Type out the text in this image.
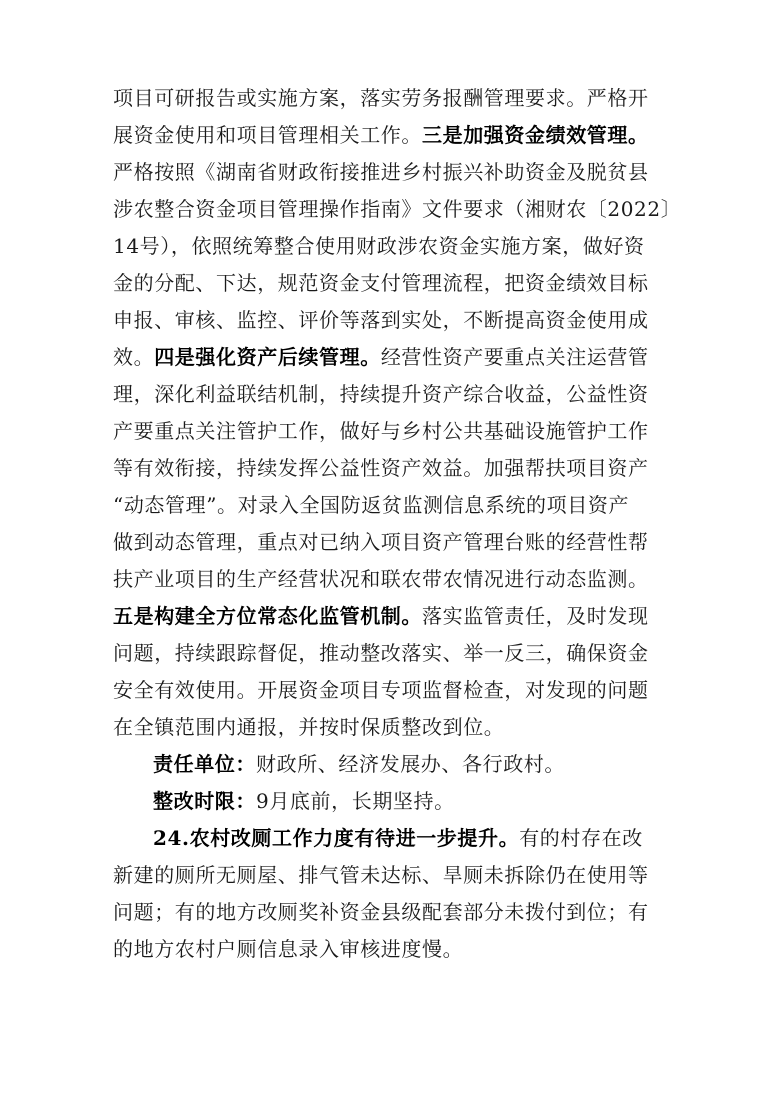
项目可研报告或实施方案，落实劳务报酬管理要求。严格开
展资金使用和项目管理相关工作。三是加强资金绩效管理。
严格按照《湖南省财政衔接推进乡村振兴补助资金及脱贫县
涉农整合资金项目管理操作指南》文件要求（湘财农〔2022〕
14号），依照统筹整合使用财政涉农资金实施方案，做好资
金的分配、下达，规范资金支付管理流程，把资金绩效目标
申报、审核、监控、评价等落到实处，不断提高资金使用成
效。四是强化资产后续管理。经营性资产要重点关注运营管
理，深化利益联结机制，持续提升资产综合收益，公益性资
产要重点关注管护工作，做好与乡村公共基础设施管护工作
等有效衔接，持续发挥公益性资产效益。加强帮扶项目资产
“动态管理”。对录入全国防返贫监测信息系统的项目资产
做到动态管理，重点对已纳入项目资产管理台账的经营性帮
扶产业项目的生产经营状况和联农带农情况进行动态监测。
五是构建全方位常态化监管机制。落实监管责任，及时发现
问题，持续跟踪督促，推动整改落实、举一反三，确保资金
安全有效使用。开展资金项目专项监督检查，对发现的问题
在全镇范围内通报，并按时保质整改到位。
责任单位：财政所、经济发展办、各行政村。
整改时限：9月底前，长期坚持。
24.农村改厕工作力度有待进一步提升。有的村存在改
新建的厕所无厕屋、排气管未达标、旱厕未拆除仍在使用等
问题；有的地方改厕奖补资金县级配套部分未拨付到位；有
的地方农村户厕信息录入审核进度慢。
